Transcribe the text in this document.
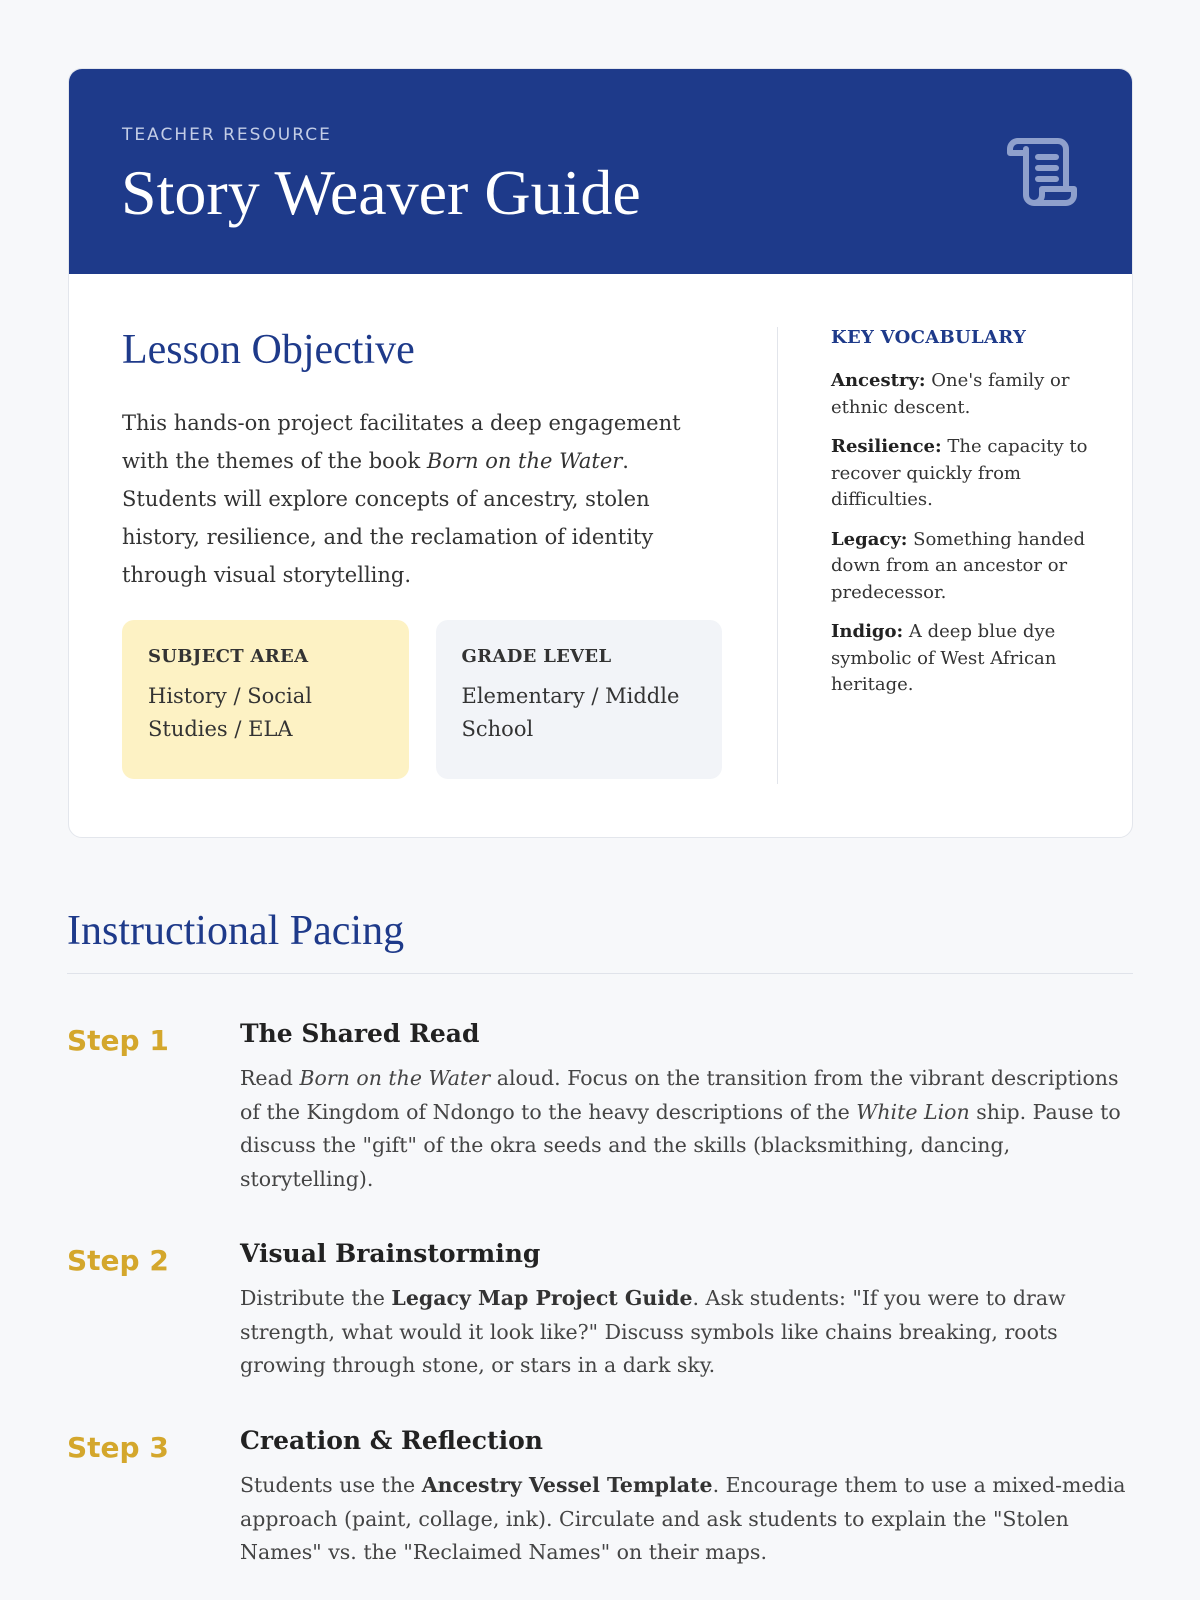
TEACHER RESOURCE
Story Weaver Guide
Lesson Objective

This hands-on project facilitates a deep engagement with the themes of the book Born on the Water. Students will explore concepts of ancestry, stolen history, resilience, and the reclamation of identity through visual storytelling.

SUBJECT AREA
History / Social Studies / ELA
GRADE LEVEL
Elementary / Middle School
KEY VOCABULARY
Ancestry: One's family or ethnic descent.
Resilience: The capacity to recover quickly from difficulties.
Legacy: Something handed down from an ancestor or predecessor.
Indigo: A deep blue dye symbolic of West African heritage.
Instructional Pacing
Step 1	The Shared Read

Read Born on the Water aloud. Focus on the transition from the vibrant descriptions of the Kingdom of Ndongo to the heavy descriptions of the White Lion ship. Pause to discuss the "gift" of the okra seeds and the skills (blacksmithing, dancing, storytelling).

Step 2	Visual Brainstorming

Distribute the Legacy Map Project Guide. Ask students: "If you were to draw strength, what would it look like?" Discuss symbols like chains breaking, roots growing through stone, or stars in a dark sky.

Step 3	Creation & Reflection

Students use the Ancestry Vessel Template. Encourage them to use a mixed-media approach (paint, collage, ink). Circulate and ask students to explain the "Stolen Names" vs. the "Reclaimed Names" on their maps.
